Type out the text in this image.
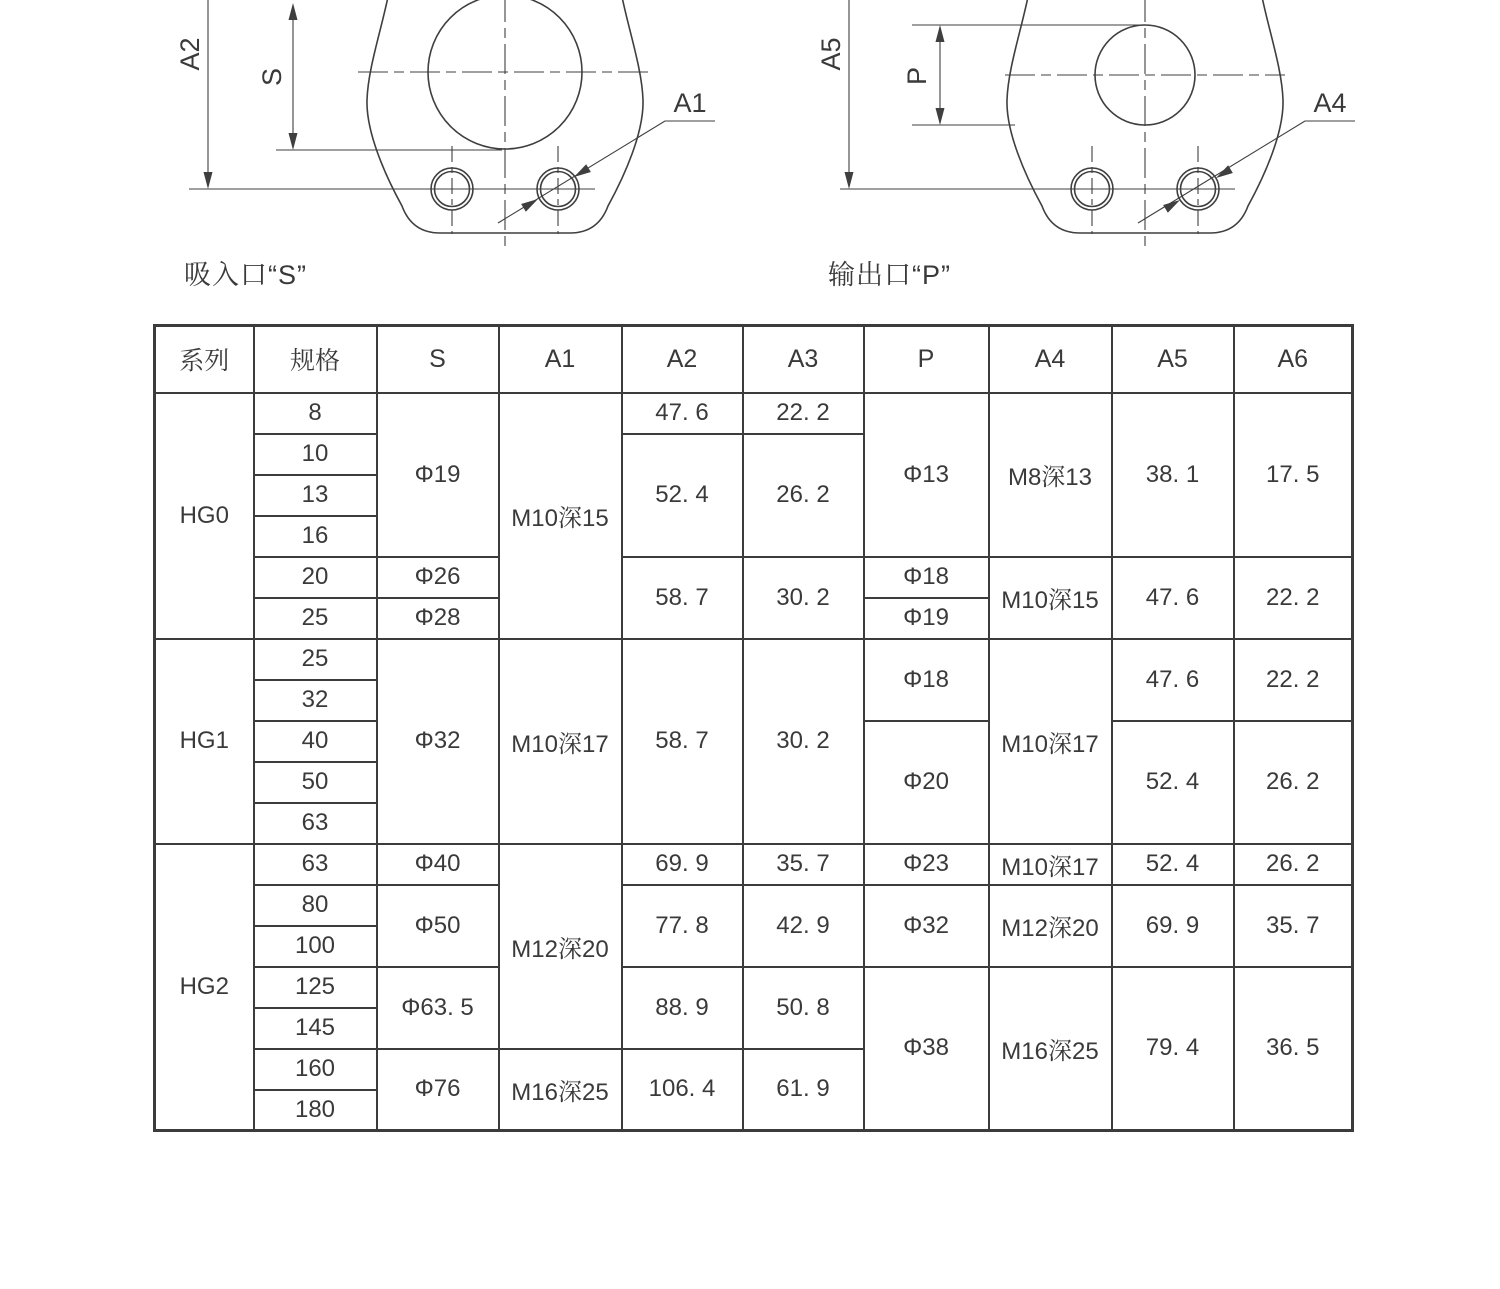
A2
S
A1
吸入口“S”
A5
P
A4
输出口“P”
系列	规格	S	A1	A2	A3	P	A4	A5	A6
HG0	8	Φ19	M10深15	47. 6	22. 2	Φ13	M8深13	38. 1	17. 5
	10			52. 4	26. 2				
	13								
	16								
	20	Φ26		58. 7	30. 2	Φ18	M10深15	47. 6	22. 2
	25	Φ28				Φ19			
HG1	25	Φ32	M10深17	58. 7	30. 2	Φ18	M10深17	47. 6	22. 2
	32								
	40					Φ20		52. 4	26. 2
	50								
	63								
HG2	63	Φ40	M12深20	69. 9	35. 7	Φ23	M10深17	52. 4	26. 2
	80	Φ50		77. 8	42. 9	Φ32	M12深20	69. 9	35. 7
	100								
	125	Φ63. 5		88. 9	50. 8	Φ38	M16深25	79. 4	36. 5
	145								
	160	Φ76	M16深25	106. 4	61. 9				
	180								
